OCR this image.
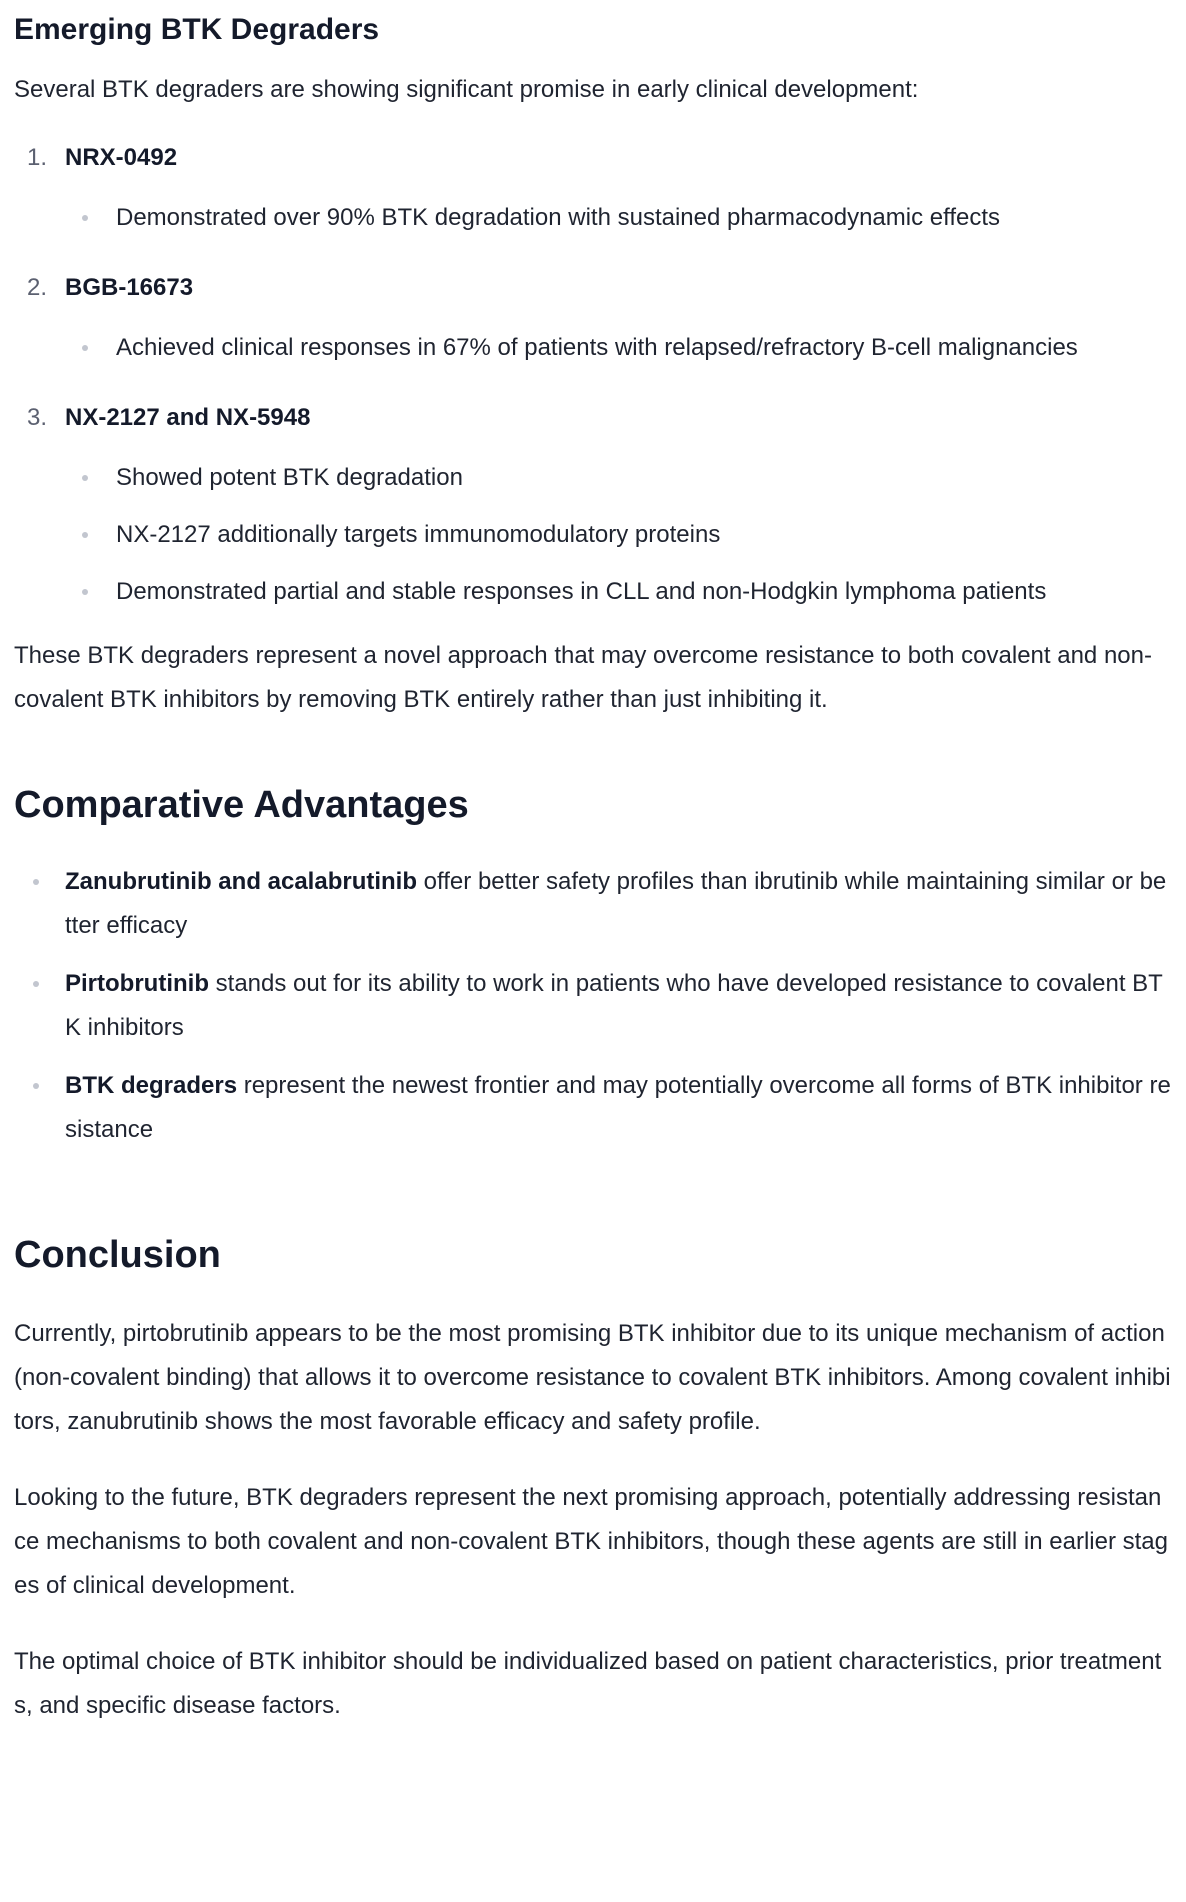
Emerging BTK Degraders

Several BTK degraders are showing significant promise in early clinical development:

1. NRX-0492
Demonstrated over 90% BTK degradation with sustained pharmacodynamic effects
2. BGB-16673
Achieved clinical responses in 67% of patients with relapsed/refractory B-cell malignancies
3. NX-2127 and NX-5948
Showed potent BTK degradation
NX-2127 additionally targets immunomodulatory proteins
Demonstrated partial and stable responses in CLL and non-Hodgkin lymphoma patients

These BTK degraders represent a novel approach that may overcome resistance to both covalent and non-covalent BTK inhibitors by removing BTK entirely rather than just inhibiting it.

Comparative Advantages
Zanubrutinib and acalabrutinib offer better safety profiles than ibrutinib while maintaining similar or better efficacy
Pirtobrutinib stands out for its ability to work in patients who have developed resistance to covalent BTK inhibitors
BTK degraders represent the newest frontier and may potentially overcome all forms of BTK inhibitor resistance
Conclusion

Currently, pirtobrutinib appears to be the most promising BTK inhibitor due to its unique mechanism of action (non-covalent binding) that allows it to overcome resistance to covalent BTK inhibitors. Among covalent inhibitors, zanubrutinib shows the most favorable efficacy and safety profile.

Looking to the future, BTK degraders represent the next promising approach, potentially addressing resistance mechanisms to both covalent and non-covalent BTK inhibitors, though these agents are still in earlier stages of clinical development.

The optimal choice of BTK inhibitor should be individualized based on patient characteristics, prior treatments, and specific disease factors.
